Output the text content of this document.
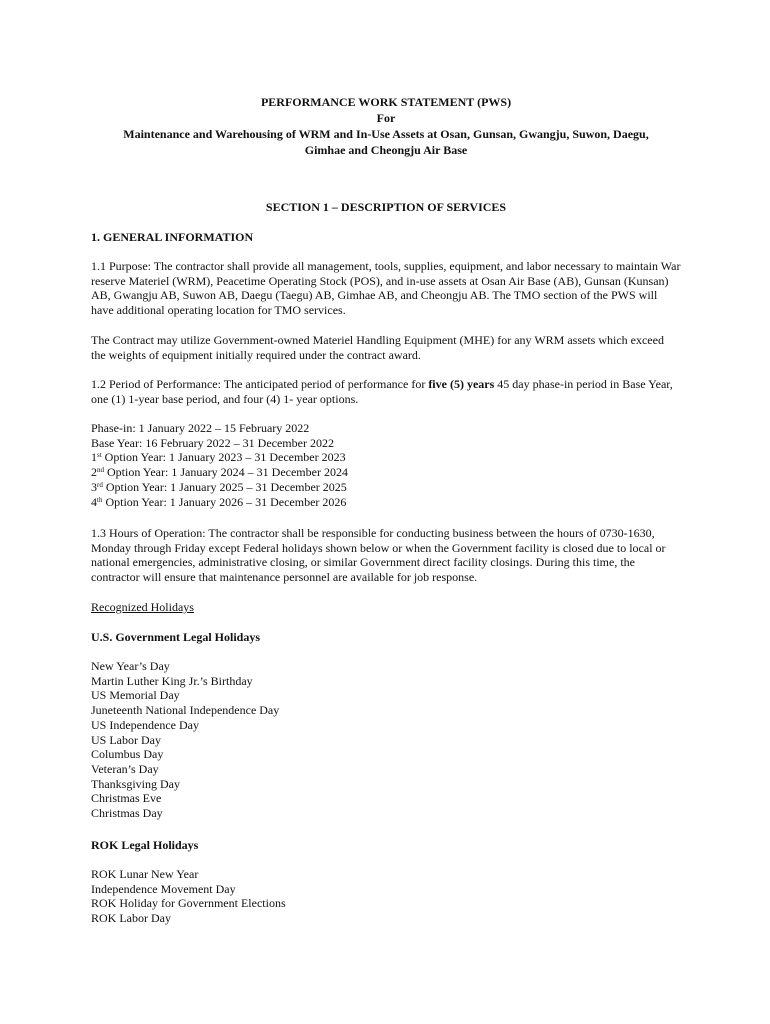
PERFORMANCE WORK STATEMENT (PWS)
For
Maintenance and Warehousing of WRM and In-Use Assets at Osan, Gunsan, Gwangju, Suwon, Daegu,
Gimhae and Cheongju Air Base
SECTION 1 – DESCRIPTION OF SERVICES
1. GENERAL INFORMATION

1.1 Purpose: The contractor shall provide all management, tools, supplies, equipment, and labor necessary to maintain War reserve Materiel (WRM), Peacetime Operating Stock (POS), and in-use assets at Osan Air Base (AB), Gunsan (Kunsan) AB, Gwangju AB, Suwon AB, Daegu (Taegu) AB, Gimhae AB, and Cheongju AB. The TMO section of the PWS will have additional operating location for TMO services.

The Contract may utilize Government-owned Materiel Handling Equipment (MHE) for any WRM assets which exceed the weights of equipment initially required under the contract award.

1.2 Period of Performance: The anticipated period of performance for five (5) years 45 day phase-in period in Base Year, one (1) 1-year base period, and four (4) 1- year options.

Phase-in: 1 January 2022 – 15 February 2022
Base Year: 16 February 2022 – 31 December 2022
1st Option Year: 1 January 2023 – 31 December 2023
2nd Option Year: 1 January 2024 – 31 December 2024
3rd Option Year: 1 January 2025 – 31 December 2025
4th Option Year: 1 January 2026 – 31 December 2026

1.3 Hours of Operation: The contractor shall be responsible for conducting business between the hours of 0730-1630, Monday through Friday except Federal holidays shown below or when the Government facility is closed due to local or national emergencies, administrative closing, or similar Government direct facility closings. During this time, the contractor will ensure that maintenance personnel are available for job response.

Recognized Holidays
U.S. Government Legal Holidays
New Year’s Day
Martin Luther King Jr.’s Birthday
US Memorial Day
Juneteenth National Independence Day
US Independence Day
US Labor Day
Columbus Day
Veteran’s Day
Thanksgiving Day
Christmas Eve
Christmas Day
ROK Legal Holidays
ROK Lunar New Year
Independence Movement Day
ROK Holiday for Government Elections
ROK Labor Day
